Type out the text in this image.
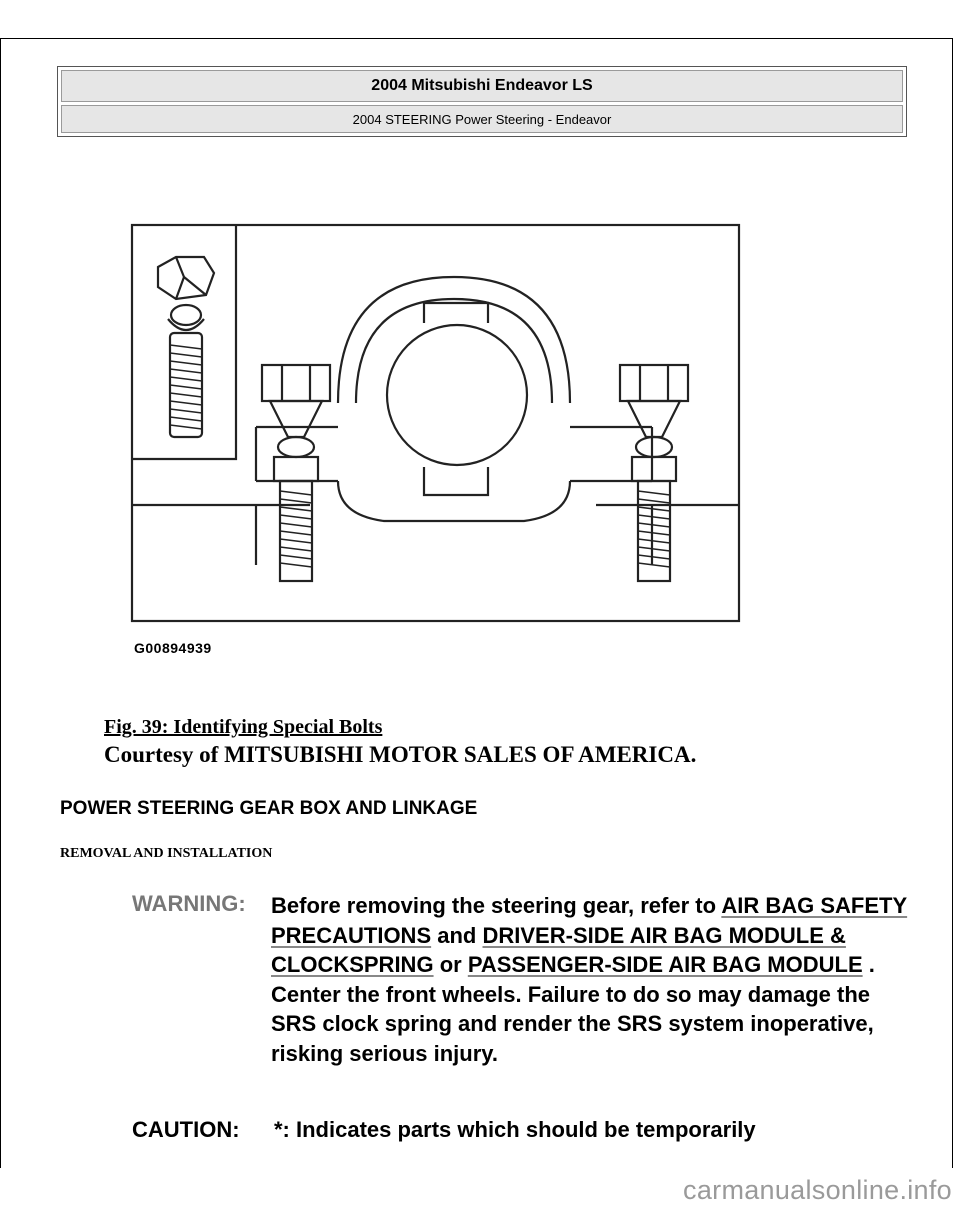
2004 Mitsubishi Endeavor LS
2004 STEERING Power Steering - Endeavor
G00894939
Fig. 39: Identifying Special Bolts
Courtesy of MITSUBISHI MOTOR SALES OF AMERICA.
POWER STEERING GEAR BOX AND LINKAGE
REMOVAL AND INSTALLATION
WARNING: Before removing the steering gear, refer to AIR BAG SAFETY PRECAUTIONS and DRIVER-SIDE AIR BAG MODULE & CLOCKSPRING or PASSENGER-SIDE AIR BAG MODULE . Center the front wheels. Failure to do so may damage the SRS clock spring and render the SRS system inoperative, risking serious injury.
CAUTION: *: Indicates parts which should be temporarily
carmanualsonline.info
